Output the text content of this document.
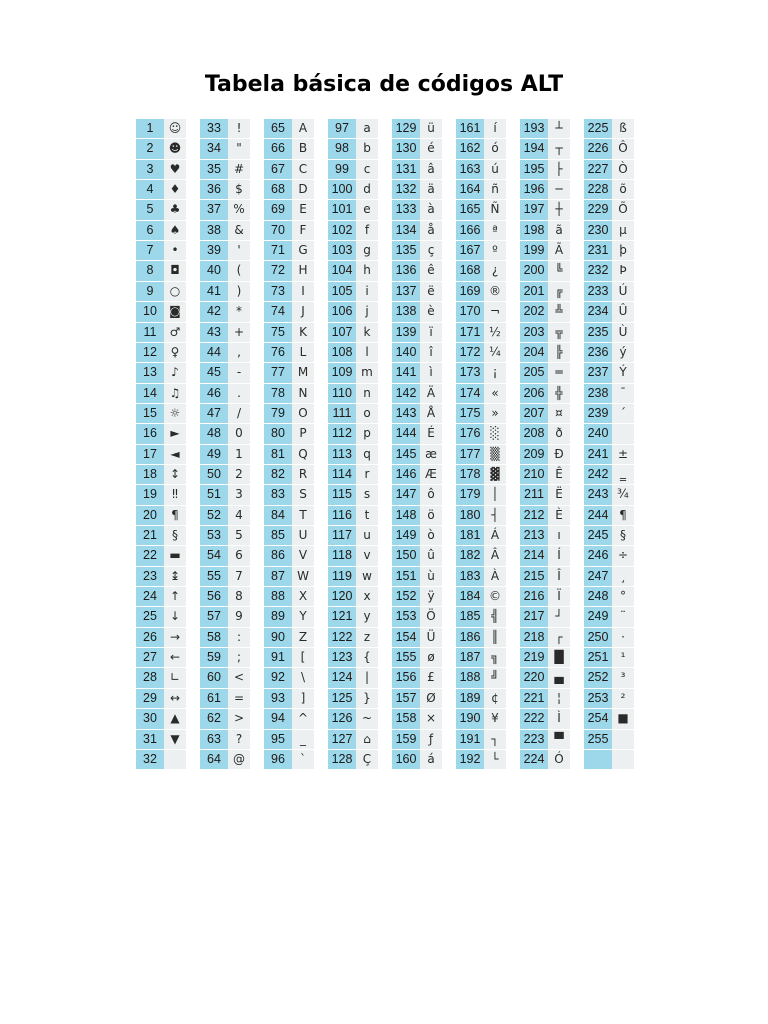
Tabela básica de códigos ALT
1	☺
2	☻
3	♥
4	♦
5	♣
6	♠
7	•
8	◘
9	○
10	◙
11	♂
12	♀
13	♪
14	♫
15	☼
16	►
17	◄
18	↕
19	‼
20	¶
21	§
22	▬
23	↨
24	↑
25	↓
26	→
27	←
28	∟
29	↔
30	▲
31	▼
32
33	!
34	"
35	#
36	$
37	%
38	&
39	'
40	(
41	)
42	*
43	+
44	,
45	-
46	.
47	/
48	0
49	1
50	2
51	3
52	4
53	5
54	6
55	7
56	8
57	9
58	:
59	;
60	<
61	=
62	>
63	?
64	@
65	A
66	B
67	C
68	D
69	E
70	F
71	G
72	H
73	I
74	J
75	K
76	L
77	M
78	N
79	O
80	P
81	Q
82	R
83	S
84	T
85	U
86	V
87	W
88	X
89	Y
90	Z
91	[
92	\
93	]
94	^
95	_
96	`
97	a
98	b
99	c
100 d
101 e
102	f
103 g
104 h
105	i
106	j
107 k
108	l
109 m
110 n
111 o
112 p
113 q
114	r
115 s
116	t
117 u
118 v
119 w
120 x
121 y
122 z
123 {
124	|
125 }
126 ~
127 ⌂
128 Ç
129 ü
130 é
131 â
132 ä
133 à
134 å
135 ç
136 ê
137 ë
138 è
139	ï
140	î
141	ì
142 Ä
143 Å
144 É
145 æ
146 Æ
147 ô
148 ö
149 ò
150 û
151 ù
152 ÿ
153 Ö
154 Ü
155 ø
156 £
157 Ø
158 ×
159	ƒ
160 á
161	í
162 ó
163 ú
164 ñ
165 Ñ
166 ª
167 º
168 ¿
169 ®
170 ¬
171 ½
172 ¼
173	¡
174 «
175 »
176 ░
177 ▒
178 ▓
179 │
180 ┤
181 Á
182 Â
183 À
184 ©
185 ╣
186 ║
187 ╗
188 ╝
189 ¢
190 ¥
191 ┐
192 └
193 ┴
194 ┬
195 ├
196 ─
197 ┼
198 ã
199 Ã
200 ╚
201 ╔
202 ╩
203 ╦
204 ╠
205 ═
206 ╬
207 ¤
208 ð
209 Ð
210 Ê
211 Ë
212 È
213	ı
214	Í
215	Î
216	Ï
217 ┘
218 ┌
219 █
220 ▄
221	¦
222	Ì
223 ▀
224 Ó
225 ß
226 Ô
227 Ò
228 õ
229 Õ
230 µ
231 þ
232 Þ
233 Ú
234 Û
235 Ù
236 ý
237 Ý
238 ¯
239 ´
240
241 ±
242 ‗
243 ¾
244 ¶
245 §
246 ÷
247 ¸
248 °
249 ¨
250	·
251	¹
252	³
253	²
254 ■
255
